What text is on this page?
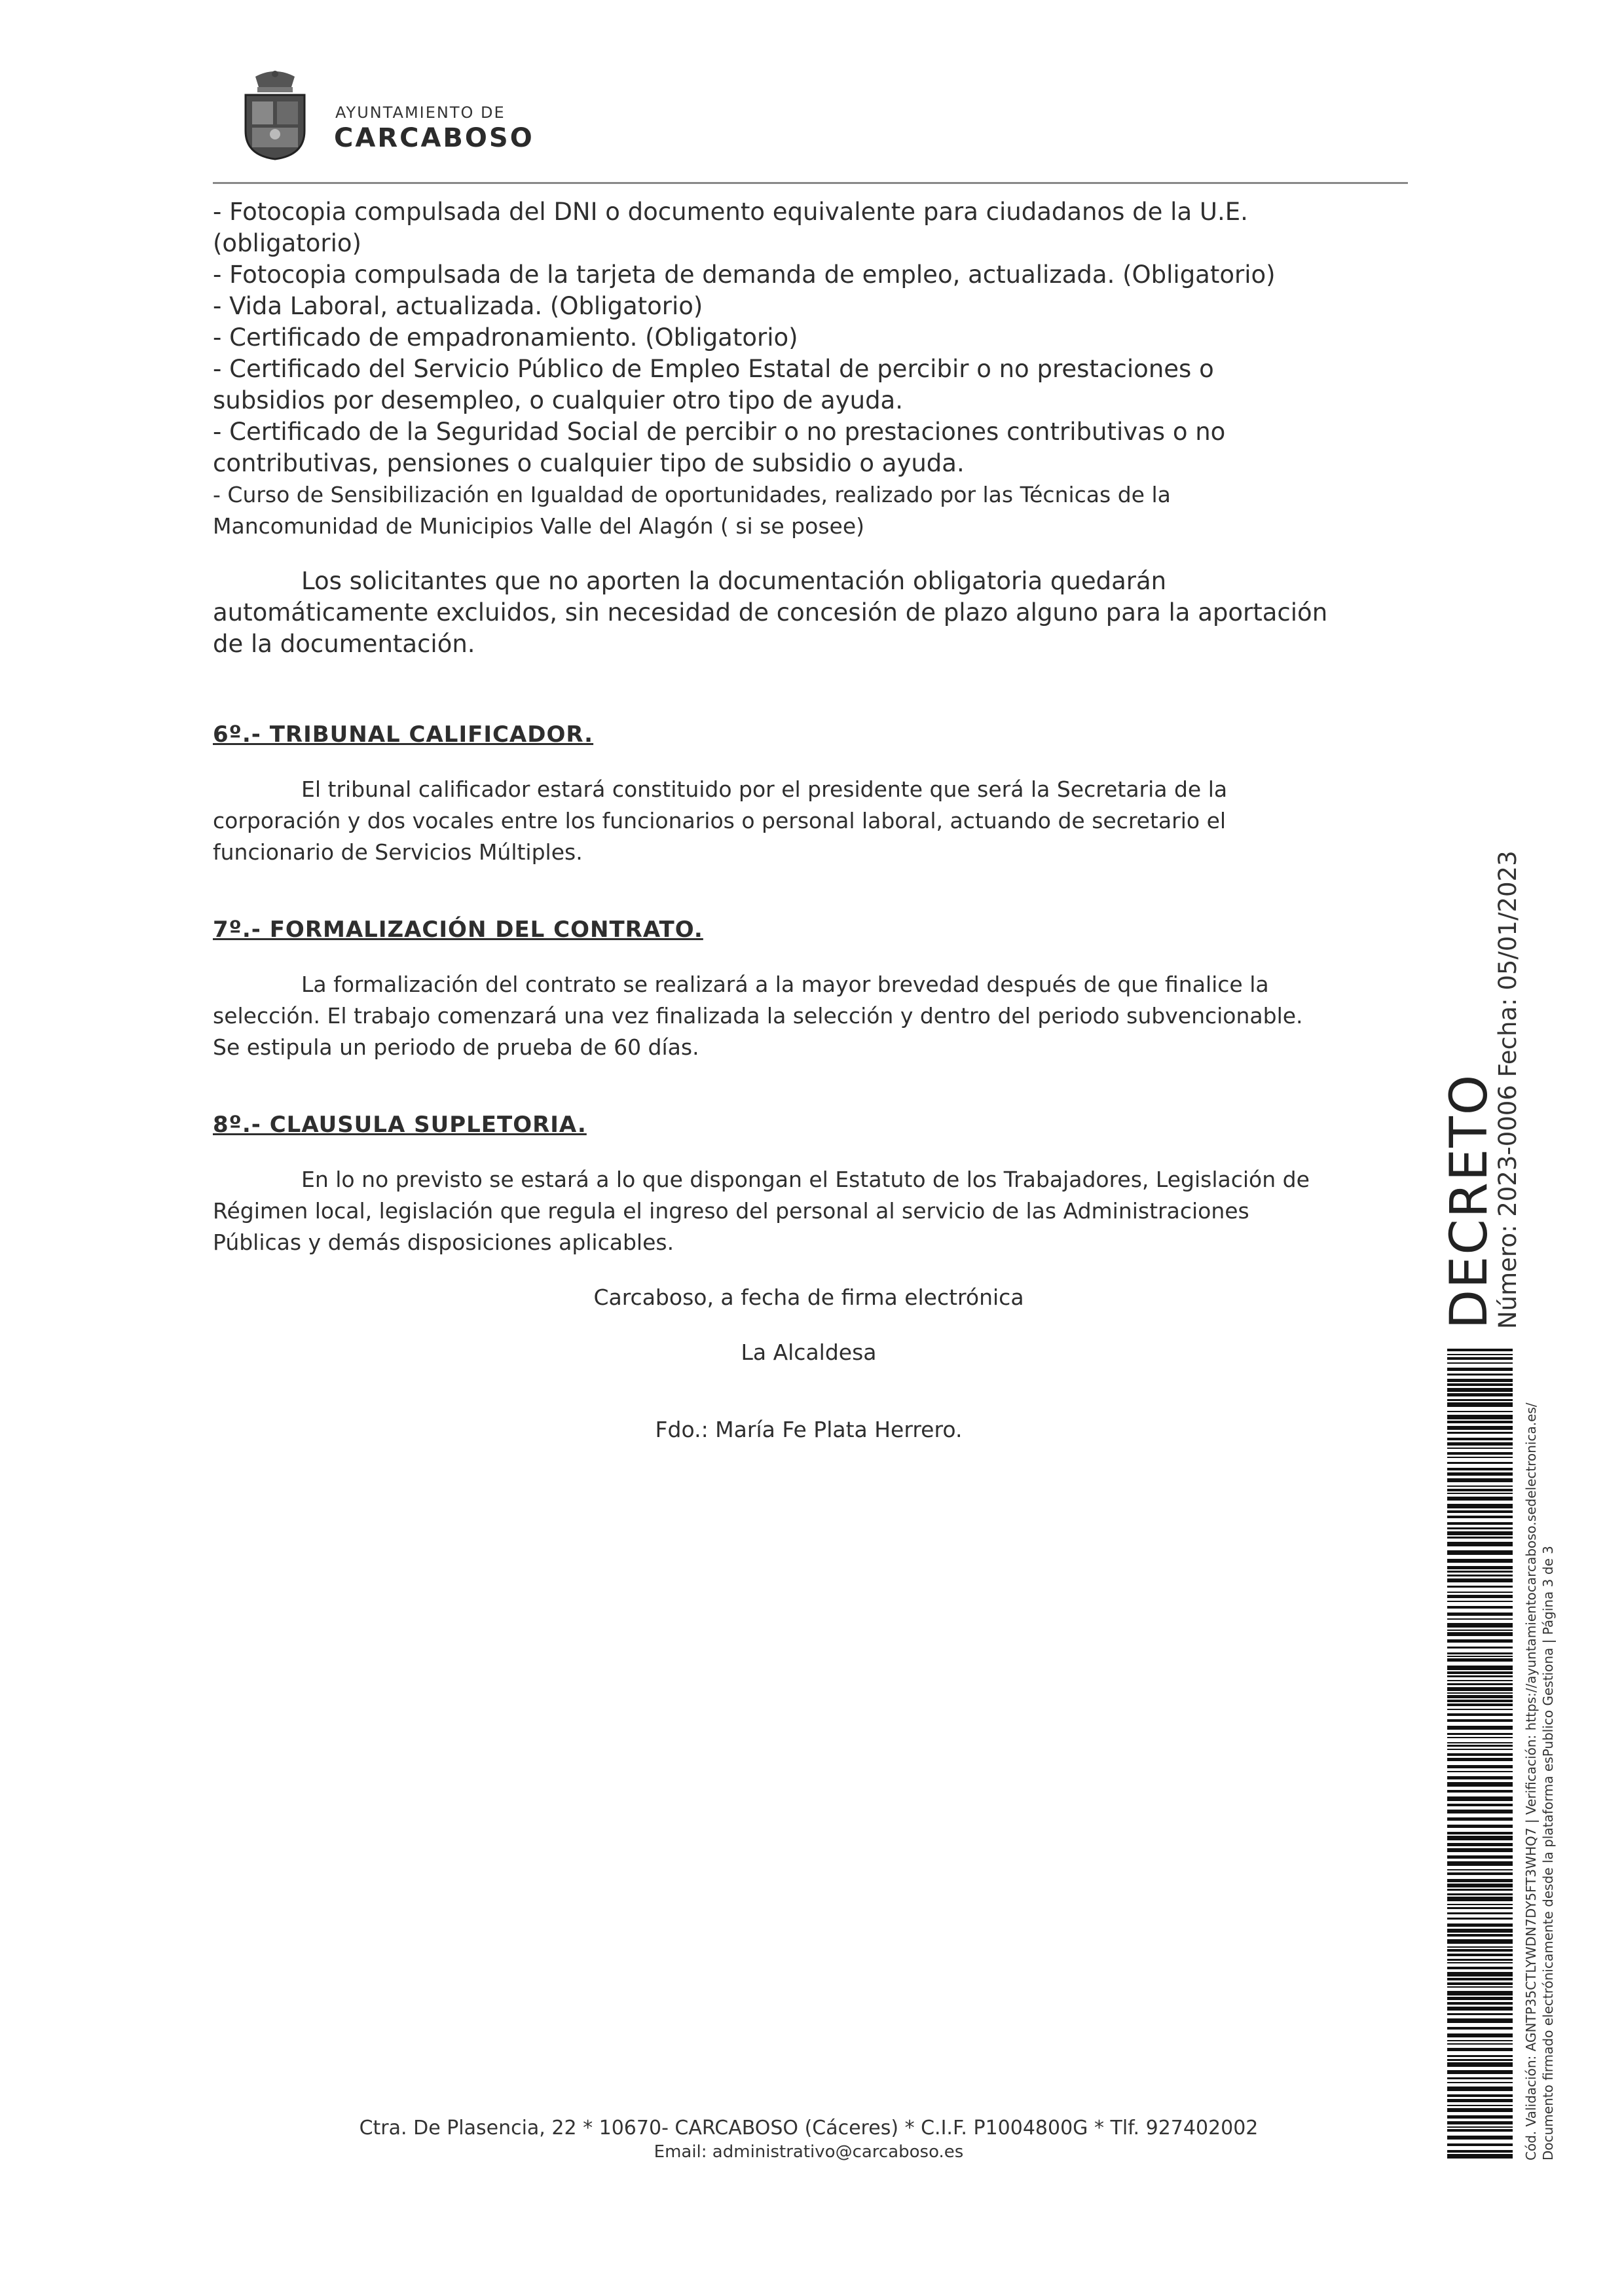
AYUNTAMIENTO DE
CARCABOSO
- Fotocopia compulsada del DNI o documento equivalente para ciudadanos de la U.E.
(obligatorio)
- Fotocopia compulsada de la tarjeta de demanda de empleo, actualizada. (Obligatorio)
- Vida Laboral, actualizada. (Obligatorio)
- Certificado de empadronamiento. (Obligatorio)
- Certificado del Servicio Público de Empleo Estatal de percibir o no prestaciones o
subsidios por desempleo, o cualquier otro tipo de ayuda.
- Certificado de la Seguridad Social de percibir o no prestaciones contributivas o no
contributivas, pensiones o cualquier tipo de subsidio o ayuda.
- Curso de Sensibilización en Igualdad de oportunidades, realizado por las Técnicas de la
Mancomunidad de Municipios Valle del Alagón ( si se posee)
Los solicitantes que no aporten la documentación obligatoria quedarán
automáticamente excluidos, sin necesidad de concesión de plazo alguno para la aportación
de la documentación.
6º.- TRIBUNAL CALIFICADOR.
El tribunal calificador estará constituido por el presidente que será la Secretaria de la
corporación y dos vocales entre los funcionarios o personal laboral, actuando de secretario el
funcionario de Servicios Múltiples.
7º.- FORMALIZACIÓN DEL CONTRATO.
La formalización del contrato se realizará a la mayor brevedad después de que finalice la
selección. El trabajo comenzará una vez finalizada la selección y dentro del periodo subvencionable.
Se estipula un periodo de prueba de 60 días.
8º.- CLAUSULA SUPLETORIA.
En lo no previsto se estará a lo que dispongan el Estatuto de los Trabajadores, Legislación de
Régimen local, legislación que regula el ingreso del personal al servicio de las Administraciones
Públicas y demás disposiciones aplicables.
Carcaboso, a fecha de firma electrónica
La Alcaldesa
Fdo.: María Fe Plata Herrero.
DECRETO
Número: 2023-0006 Fecha: 05/01/2023
Cód. Validación: AGNTP35CTLYWDN7DY5FT3WHQ7 | Verificación: https://ayuntamientocarcaboso.sedelectronica.es/ Documento firmado electrónicamente desde la plataforma esPublico Gestiona | Página 3 de 3
Ctra. De Plasencia, 22 * 10670- CARCABOSO (Cáceres) * C.I.F. P1004800G * Tlf. 927402002
Email: administrativo@carcaboso.es
